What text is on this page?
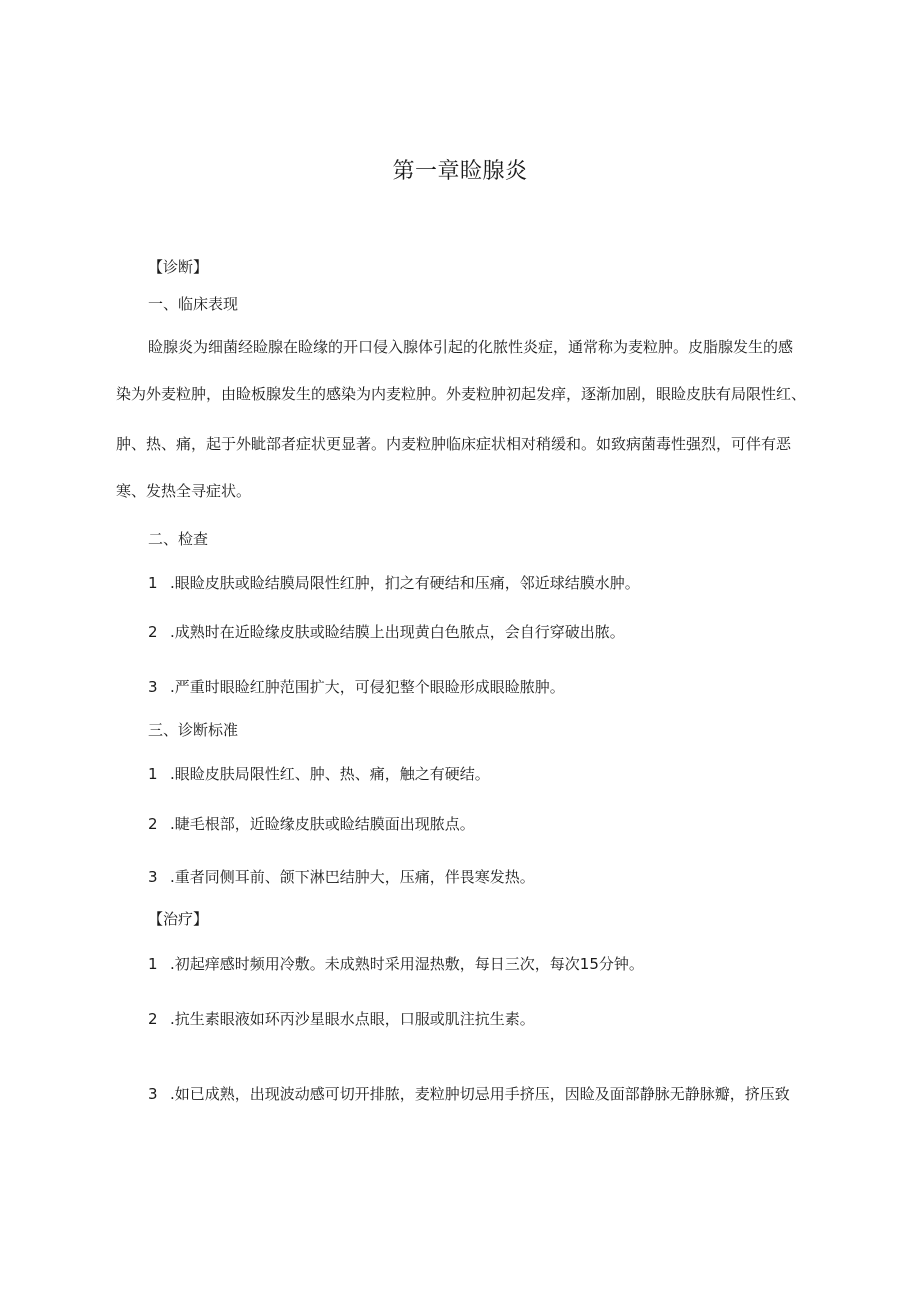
第一章睑腺炎
【诊断】
一、临床表现
睑腺炎为细菌经睑腺在睑缘的开口侵入腺体引起的化脓性炎症，通常称为麦粒肿。皮脂腺发生的感
染为外麦粒肿，由睑板腺发生的感染为内麦粒肿。外麦粒肿初起发痒，逐渐加剧，眼睑皮肤有局限性红、
肿、热、痛，起于外眦部者症状更显著。内麦粒肿临床症状相对稍缓和。如致病菌毒性强烈，可伴有恶
寒、发热全寻症状。
二、检查
1 .眼睑皮肤或睑结膜局限性红肿，扪之有硬结和压痛，邻近球结膜水肿。
2 .成熟时在近睑缘皮肤或睑结膜上出现黄白色脓点，会自行穿破出脓。
3 .严重时眼睑红肿范围扩大，可侵犯整个眼睑形成眼睑脓肿。
三、诊断标准
1 .眼睑皮肤局限性红、肿、热、痛，触之有硬结。
2 .睫毛根部，近睑缘皮肤或睑结膜面出现脓点。
3 .重者同侧耳前、颌下淋巴结肿大，压痛，伴畏寒发热。
【治疗】
1 .初起痒感时频用冷敷。未成熟时采用湿热敷，每日三次，每次15分钟。
2 .抗生素眼液如环丙沙星眼水点眼，口服或肌注抗生素。
3 .如已成熟，出现波动感可切开排脓，麦粒肿切忌用手挤压，因睑及面部静脉无静脉瓣，挤压致
